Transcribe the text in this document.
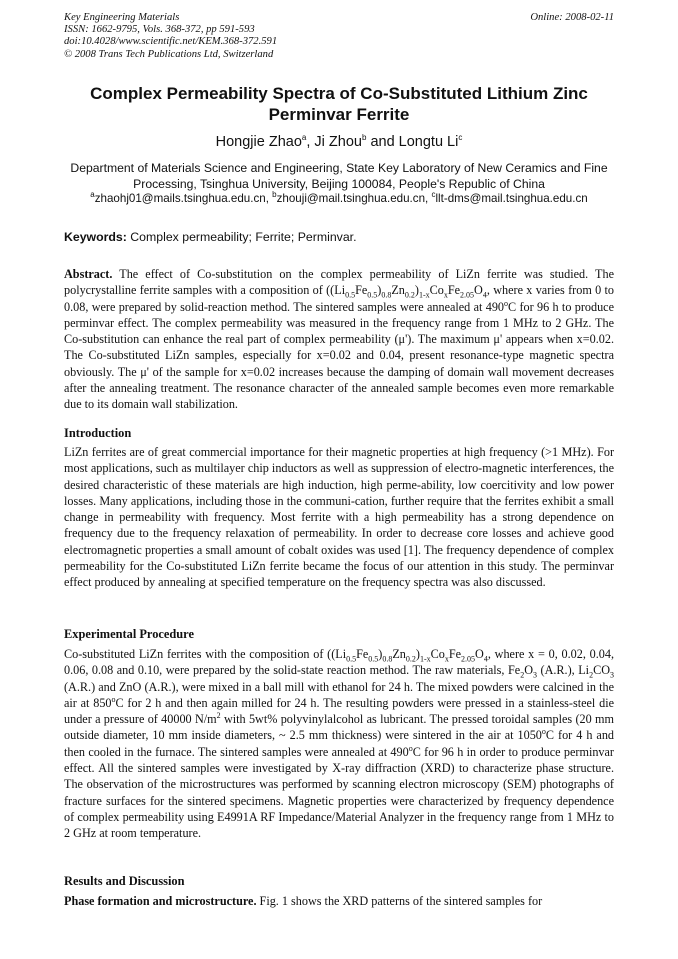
Key Engineering Materials
ISSN: 1662-9795, Vols. 368-372, pp 591-593
doi:10.4028/www.scientific.net/KEM.368-372.591
© 2008 Trans Tech Publications Ltd, Switzerland
Online: 2008-02-11
Complex Permeability Spectra of Co-Substituted Lithium Zinc Perminvar Ferrite
Hongjie Zhao$^a$, Ji Zhou$^b$ and Longtu Li$^c$
Department of Materials Science and Engineering, State Key Laboratory of New Ceramics and Fine Processing, Tsinghua University, Beijing 100084, People's Republic of China
$^a$zhaohj01@mails.tsinghua.edu.cn, $^b$zhouji@mail.tsinghua.edu.cn, $^c$llt-dms@mail.tsinghua.edu.cn
Keywords: Complex permeability; Ferrite; Perminvar.
Abstract. The effect of Co-substitution on the complex permeability of LiZn ferrite was studied. The polycrystalline ferrite samples with a composition of $((Li_{0.5}Fe_{0.5})_{0.8}Zn_{0.2})_{1-x}Co_xFe_{2.05}O_4$, where x varies from 0 to 0.08, were prepared by solid-reaction method. The sintered samples were annealed at 490$^o$C for 96 h to produce perminvar effect. The complex permeability was measured in the frequency range from 1 MHz to 2 GHz. The Co-substitution can enhance the real part of complex permeability (μ'). The maximum μ' appears when x=0.02. The Co-substituted LiZn samples, especially for x=0.02 and 0.04, present resonance-type magnetic spectra obviously. The μ' of the sample for x=0.02 increases because the damping of domain wall movement decreases after the annealing treatment. The resonance character of the annealed sample becomes even more remarkable due to its domain wall stabilization.
Introduction
LiZn ferrites are of great commercial importance for their magnetic properties at high frequency (>1 MHz). For most applications, such as multilayer chip inductors as well as suppression of electro-magnetic interferences, the desired characteristic of these materials are high induction, high perme-ability, low coercitivity and low power losses. Many applications, including those in the communi-cation, further require that the ferrites exhibit a small change in permeability with frequency. Most ferrite with a high permeability has a strong dependence on frequency due to the frequency relaxation of permeability. In order to decrease core losses and achieve good electromagnetic properties a small amount of cobalt oxides was used [1]. The frequency dependence of complex permeability for the Co-substituted LiZn ferrite became the focus of our attention in this study. The perminvar effect produced by annealing at specified temperature on the frequency spectra was also discussed.
Experimental Procedure
Co-substituted LiZn ferrites with the composition of $((Li_{0.5}Fe_{0.5})_{0.8}Zn_{0.2})_{1-x}Co_xFe_{2.05}O_4$, where x = 0, 0.02, 0.04, 0.06, 0.08 and 0.10, were prepared by the solid-state reaction method. The raw materials, $Fe_2O_3$ (A.R.), $Li_2CO_3$ (A.R.) and ZnO (A.R.), were mixed in a ball mill with ethanol for 24 h. The mixed powders were calcined in the air at 850$^o$C for 2 h and then again milled for 24 h. The resulting powders were pressed in a stainless-steel die under a pressure of 40000 $N/m^2$ with 5wt% polyvinylalcohol as lubricant. The pressed toroidal samples (20 mm outside diameter, 10 mm inside diameters, ~ 2.5 mm thickness) were sintered in the air at 1050$^o$C for 4 h and then cooled in the furnace. The sintered samples were annealed at 490$^o$C for 96 h in order to produce perminvar effect. All the sintered samples were investigated by X-ray diffraction (XRD) to characterize phase structure. The observation of the microstructures was performed by scanning electron microscopy (SEM) photographs of fracture surfaces for the sintered specimens. Magnetic properties were characterized by frequency dependence of complex permeability using E4991A RF Impedance/Material Analyzer in the frequency range from 1 MHz to 2 GHz at room temperature.
Results and Discussion
Phase formation and microstructure. Fig. 1 shows the XRD patterns of the sintered samples for
